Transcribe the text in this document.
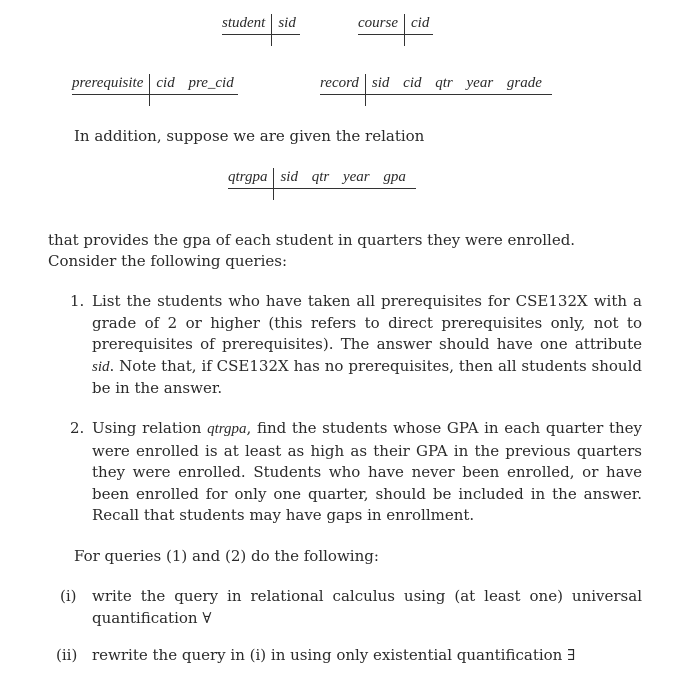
student sid	course cid
prerequisite cid pre_cid	record sid cid qtr year grade
In addition, suppose we are given the relation
qtrgpa sid qtr year gpa
that provides the gpa of each student in quarters they were enrolled.
Consider the following queries:
1. List the students who have taken all prerequisites for CSE132X with a grade of 2 or higher (this refers to direct prerequisites only, not to prerequisites of prerequisites). The answer should have one attribute sid. Note that, if CSE132X has no prerequisites, then all students should be in the answer.
2. Using relation qtrgpa, find the students whose GPA in each quarter they were enrolled is at least as high as their GPA in the previous quarters they were enrolled. Students who have never been enrolled, or have been enrolled for only one quarter, should be included in the answer. Recall that students may have gaps in enrollment.
For queries (1) and (2) do the following:
(i) write the query in relational calculus using (at least one) universal quantification ∀
(ii) rewrite the query in (i) in using only existential quantification ∃
